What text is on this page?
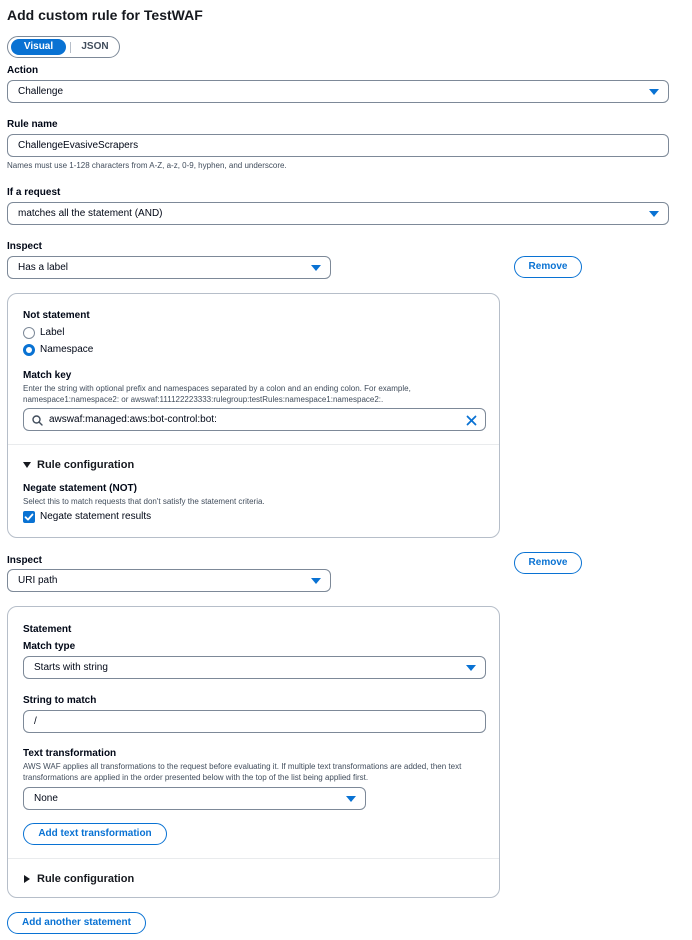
Add custom rule for TestWAF
Visual	JSON
Action
Challenge
Rule name
ChallengeEvasiveScrapers
Names must use 1-128 characters from A-Z, a-z, 0-9, hyphen, and underscore.
If a request
matches all the statement (AND)
Inspect
Has a label	Remove
Not statement
Label
Namespace
Match key
Enter the string with optional prefix and namespaces separated by a colon and an ending colon. For example, namespace1:namespace2: or awswaf:111122223333:rulegroup:testRules:namespace1:namespace2:.
awswaf:managed:aws:bot-control:bot:
Rule configuration
Negate statement (NOT)
Select this to match requests that don't satisfy the statement criteria.
Negate statement results
Inspect
URI path
Remove
Statement
Match type
Starts with string
String to match
/
Text transformation
AWS WAF applies all transformations to the request before evaluating it. If multiple text transformations are added, then text transformations are applied in the order presented below with the top of the list being applied first.
None
Add text transformation
Rule configuration
Add another statement
